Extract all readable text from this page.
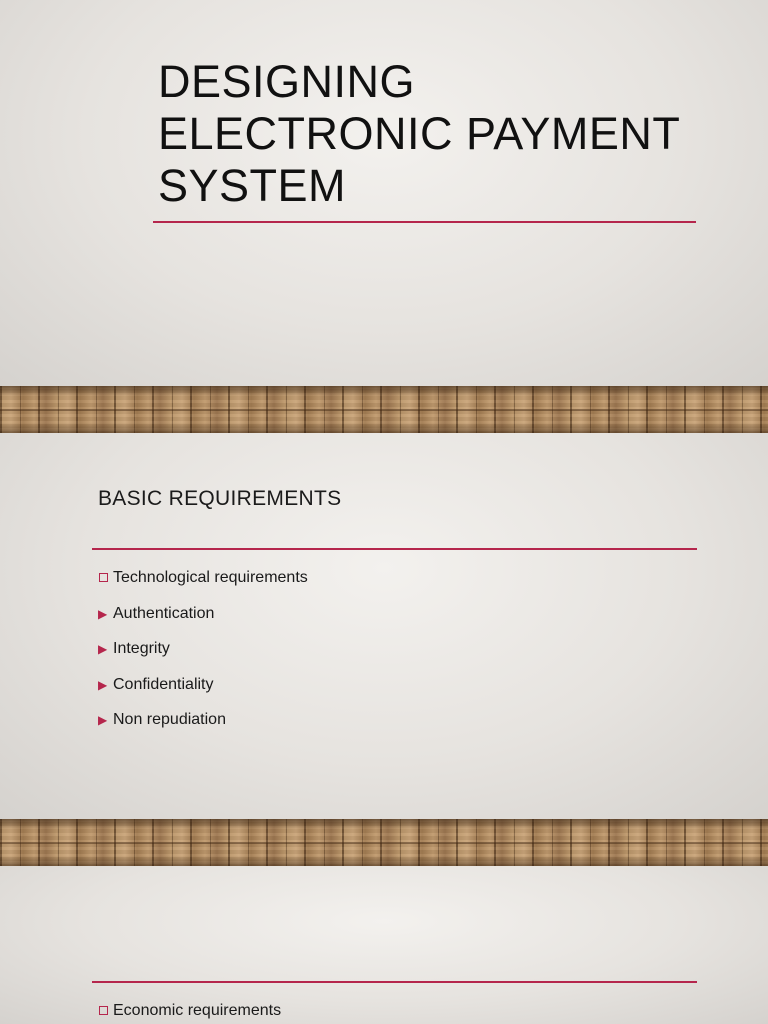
DESIGNING
ELECTRONIC PAYMENT
SYSTEM
BASIC REQUIREMENTS
Technological requirements
Authentication
Integrity
Confidentiality
Non repudiation
Economic requirements
